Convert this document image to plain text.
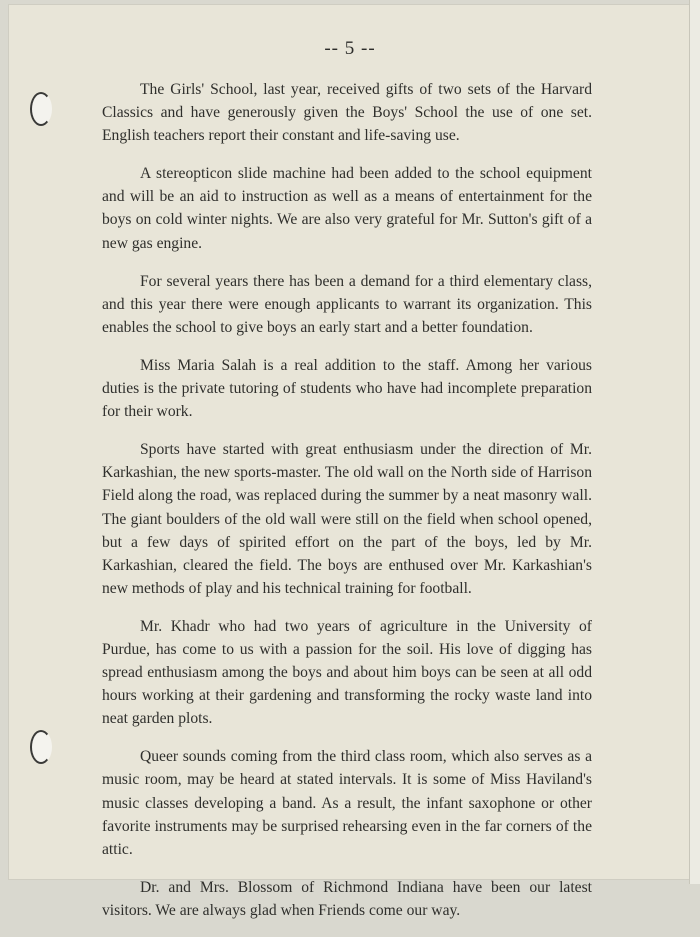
-- 5 --

The Girls' School, last year, received gifts of two sets of the Harvard Classics and have generously given the Boys' School the use of one set. English teachers report their constant and life-saving use.

A stereopticon slide machine had been added to the school equipment and will be an aid to instruction as well as a means of entertainment for the boys on cold winter nights. We are also very grateful for Mr. Sutton's gift of a new gas engine.

For several years there has been a demand for a third elementary class, and this year there were enough applicants to warrant its organization. This enables the school to give boys an early start and a better foundation.

Miss Maria Salah is a real addition to the staff. Among her various duties is the private tutoring of students who have had incomplete preparation for their work.

Sports have started with great enthusiasm under the direction of Mr. Karkashian, the new sports-master. The old wall on the North side of Harrison Field along the road, was replaced during the summer by a neat masonry wall. The giant boulders of the old wall were still on the field when school opened, but a few days of spirited effort on the part of the boys, led by Mr. Karkashian, cleared the field. The boys are enthused over Mr. Karkashian's new methods of play and his technical training for football.

Mr. Khadr who had two years of agriculture in the University of Purdue, has come to us with a passion for the soil. His love of digging has spread enthusiasm among the boys and about him boys can be seen at all odd hours working at their gardening and transforming the rocky waste land into neat garden plots.

Queer sounds coming from the third class room, which also serves as a music room, may be heard at stated intervals. It is some of Miss Haviland's music classes developing a band. As a result, the infant saxophone or other favorite instruments may be surprised rehearsing even in the far corners of the attic.

Dr. and Mrs. Blossom of Richmond Indiana have been our latest visitors. We are always glad when Friends come our way.
